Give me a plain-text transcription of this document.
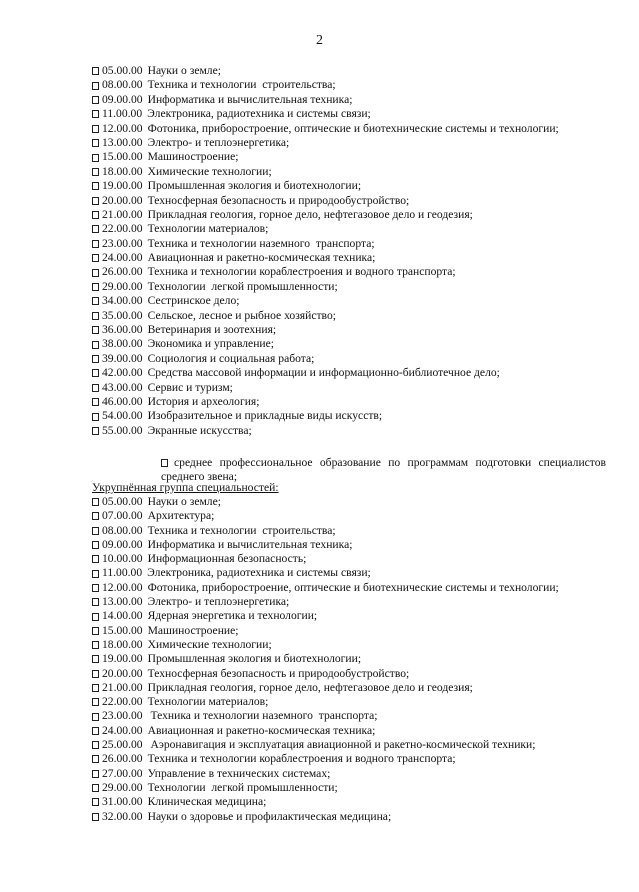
2
05.00.00 Науки о земле;
08.00.00 Техника и технологии  строительства;
09.00.00 Информатика и вычислительная техника;
11.00.00 Электроника, радиотехника и системы связи;
12.00.00 Фотоника, приборостроение, оптические и биотехнические системы и технологии;
13.00.00 Электро- и теплоэнергетика;
15.00.00 Машиностроение;
18.00.00 Химические технологии;
19.00.00 Промышленная экология и биотехнологии;
20.00.00 Техносферная безопасность и природообустройство;
21.00.00 Прикладная геология, горное дело, нефтегазовое дело и геодезия;
22.00.00 Технологии материалов;
23.00.00 Техника и технологии наземного  транспорта;
24.00.00 Авиационная и ракетно-космическая техника;
26.00.00 Техника и технологии кораблестроения и водного транспорта;
29.00.00 Технологии  легкой промышленности;
34.00.00 Сестринское дело;
35.00.00 Сельское, лесное и рыбное хозяйство;
36.00.00 Ветеринария и зоотехния;
38.00.00 Экономика и управление;
39.00.00 Социология и социальная работа;
42.00.00 Средства массовой информации и информационно-библиотечное дело;
43.00.00 Сервис и туризм;
46.00.00 История и археология;
54.00.00 Изобразительное и прикладные виды искусств;
55.00.00 Экранные искусства;
среднее профессиональное образование по программам подготовки специалистов
среднего звена;
Укрупнённая группа специальностей:
05.00.00 Науки о земле;
07.00.00 Архитектура;
08.00.00 Техника и технологии  строительства;
09.00.00 Информатика и вычислительная техника;
10.00.00 Информационная безопасность;
11.00.00 Электроника, радиотехника и системы связи;
12.00.00 Фотоника, приборостроение, оптические и биотехнические системы и технологии;
13.00.00 Электро- и теплоэнергетика;
14.00.00 Ядерная энергетика и технологии;
15.00.00 Машиностроение;
18.00.00 Химические технологии;
19.00.00 Промышленная экология и биотехнологии;
20.00.00 Техносферная безопасность и природообустройство;
21.00.00 Прикладная геология, горное дело, нефтегазовое дело и геодезия;
22.00.00 Технологии материалов;
23.00.00 Техника и технологии наземного  транспорта;
24.00.00 Авиационная и ракетно-космическая техника;
25.00.00 Аэронавигация и эксплуатация авиационной и ракетно-космической техники;
26.00.00 Техника и технологии кораблестроения и водного транспорта;
27.00.00 Управление в технических системах;
29.00.00 Технологии  легкой промышленности;
31.00.00 Клиническая медицина;
32.00.00 Науки о здоровье и профилактическая медицина;
